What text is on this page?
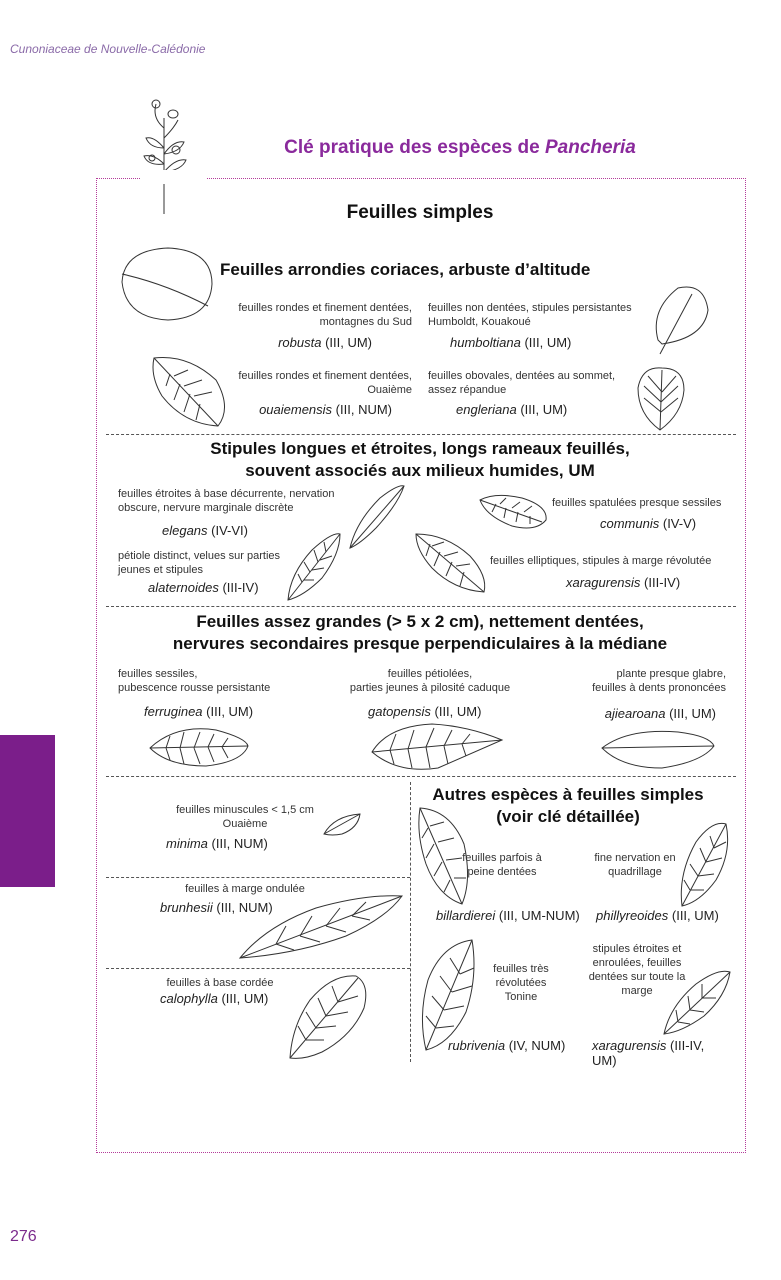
Cunoniaceae de Nouvelle-Calédonie
276
Clé pratique des espèces de Pancheria
Feuilles simples
Feuilles arrondies coriaces, arbuste d’altitude
feuilles rondes et finement dentées,
montagnes du Sud
robusta (III, UM)
feuilles non dentées, stipules persistantes
Humboldt, Kouakoué
humboltiana (III, UM)
feuilles rondes et finement dentées,
Ouaième
ouaiemensis (III, NUM)
feuilles obovales, dentées au sommet,
assez répandue
engleriana (III, UM)
Stipules longues et étroites, longs rameaux feuillés,
souvent associés aux milieux humides, UM
feuilles étroites à base décurrente, nervation
obscure, nervure marginale discrète
elegans (IV-VI)
feuilles spatulées presque sessiles
communis (IV-V)
pétiole distinct, velues sur parties
jeunes et stipules
alaternoides (III-IV)
feuilles elliptiques, stipules à marge révolutée
xaragurensis (III-IV)
Feuilles assez grandes (> 5 x 2 cm), nettement dentées,
nervures secondaires presque perpendiculaires à la médiane
feuilles sessiles,
pubescence rousse persistante
ferruginea (III, UM)
feuilles pétiolées,
parties jeunes à pilosité caduque
gatopensis (III, UM)
plante presque glabre,
feuilles à dents prononcées
ajiearoana (III, UM)
feuilles minuscules < 1,5 cm
Ouaième
minima (III, NUM)
feuilles à marge ondulée
brunhesii (III, NUM)
feuilles à base cordée
calophylla (III, UM)
Autres espèces à feuilles simples
(voir clé détaillée)
feuilles parfois à
peine dentées
billardierei (III, UM-NUM)
fine nervation en
quadrillage
phillyreoides (III, UM)
feuilles très
révolutées
Tonine
rubrivenia (IV, NUM)
stipules étroites et
enroulées, feuilles
dentées sur toute la
marge
xaragurensis (III-IV, UM)
